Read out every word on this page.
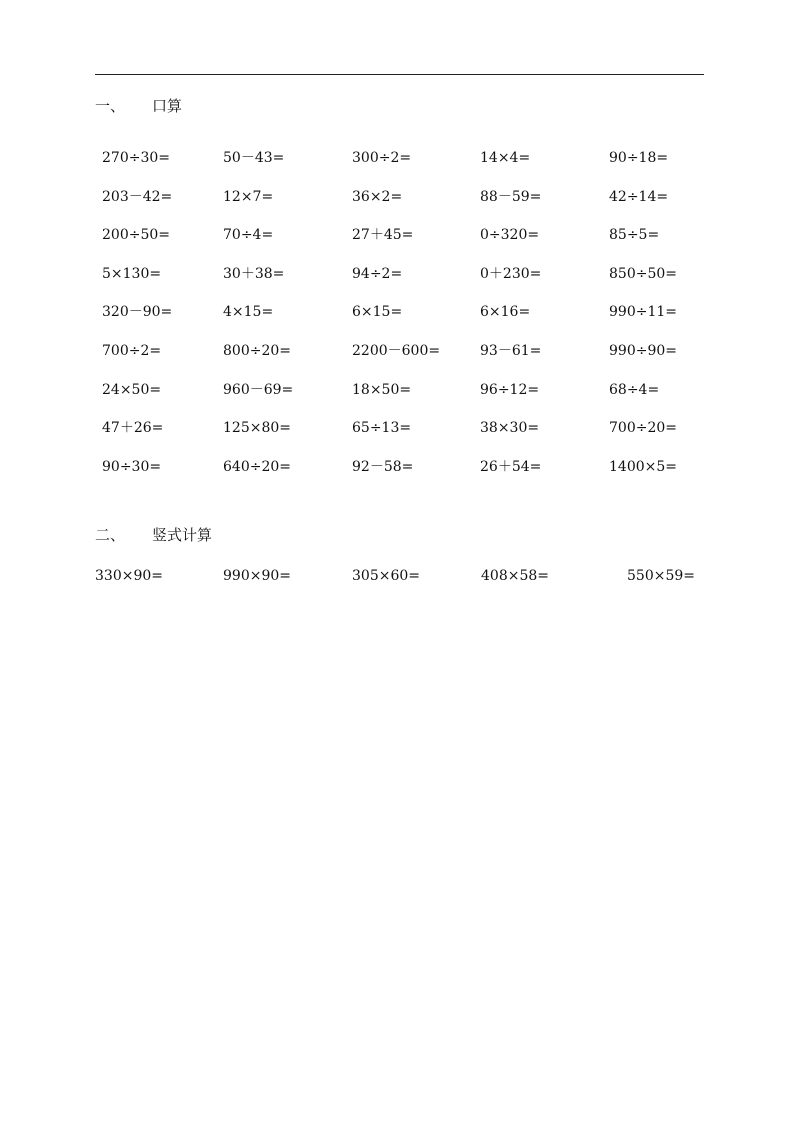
一、 口算
270÷30=	50－43=	300÷2=	14×4=	90÷18=
203－42=	12×7=	36×2=	88－59=	42÷14=
200÷50=	70÷4=	27＋45=	0÷320=	85÷5=
5×130=	30＋38=	94÷2=	0＋230=	850÷50=
320－90=	4×15=	6×15=	6×16=	990÷11=
700÷2=	800÷20=	2200－600=	93－61=	990÷90=
24×50=	960－69=	18×50=	96÷12=	68÷4=
47＋26=	125×80=	65÷13=	38×30=	700÷20=
90÷30=	640÷20=	92－58=	26＋54=	1400×5=
二、 竖式计算
330×90=	990×90=	305×60=	408×58=	550×59=
